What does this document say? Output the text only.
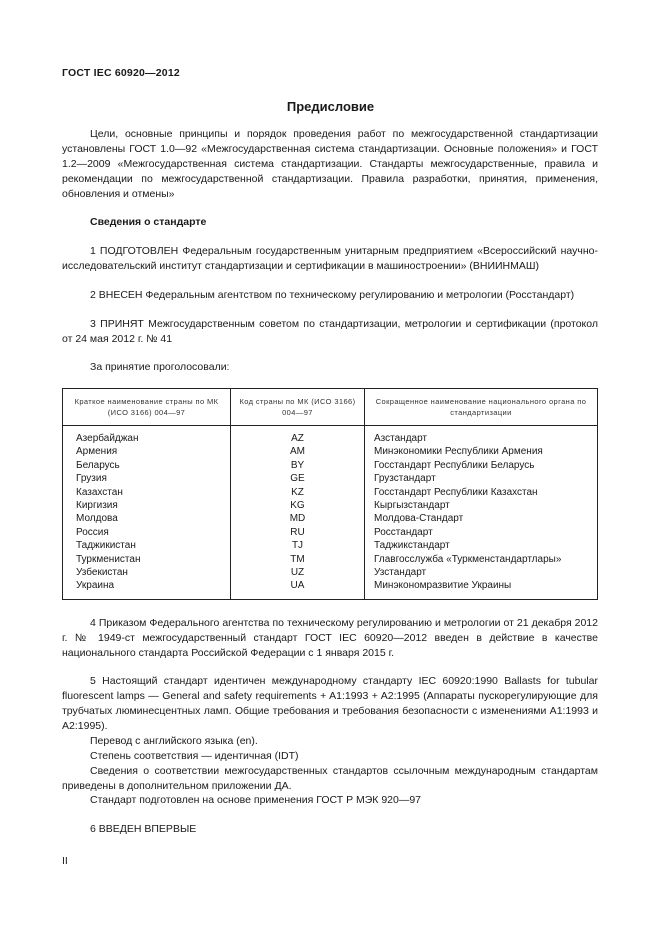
ГОСТ IEC 60920—2012
Предисловие

Цели, основные принципы и порядок проведения работ по межгосударственной стандартизации установлены ГОСТ 1.0—92 «Межгосударственная система стандартизации. Основные положения» и ГОСТ 1.2—2009 «Межгосударственная система стандартизации. Стандарты межгосударственные, правила и рекомендации по межгосударственной стандартизации. Правила разработки, принятия, применения, обновления и отмены»

Сведения о стандарте

1 ПОДГОТОВЛЕН Федеральным государственным унитарным предприятием «Всероссийский научно-исследовательский институт стандартизации и сертификации в машиностроении» (ВНИИНМАШ)

2 ВНЕСЕН Федеральным агентством по техническому регулированию и метрологии (Росстандарт)

3 ПРИНЯТ Межгосударственным советом по стандартизации, метрологии и сертификации (протокол от 24 мая 2012 г. № 41

За принятие проголосовали:
Краткое наименование страны по МК (ИСО 3166) 004—97	Код страны по МК (ИСО 3166) 004—97	Сокращенное наименование национального органа по стандартизации
Азербайджан	AZ	Азстандарт
Армения	AM	Минэкономики Республики Армения
Беларусь	BY	Госстандарт Республики Беларусь
Грузия	GE	Грузстандарт
Казахстан	KZ	Госстандарт Республики Казахстан
Киргизия	KG	Кыргызстандарт
Молдова	MD	Молдова-Стандарт
Россия	RU	Росстандарт
Таджикистан	TJ	Таджикстандарт
Туркменистан	TM	Главгосслужба «Туркменстандартлары»
Узбекистан	UZ	Узстандарт
Украина	UA	Минэкономразвитие Украины

4 Приказом Федерального агентства по техническому регулированию и метрологии от 21 декабря 2012 г. № 1949-ст межгосударственный стандарт ГОСТ IEC 60920—2012 введен в действие в качестве национального стандарта Российской Федерации с 1 января 2015 г.

5 Настоящий стандарт идентичен международному стандарту IEC 60920:1990 Ballasts for tubular fluorescent lamps — General and safety requirements + A1:1993 + A2:1995 (Аппараты пускорегулирующие для трубчатых люминесцентных ламп. Общие требования и требования безопасности с изменениями A1:1993 и A2:1995).

Перевод с английского языка (en).
Степень соответствия — идентичная (IDT)

Сведения о соответствии межгосударственных стандартов ссылочным международным стандартам приведены в дополнительном приложении ДА.

Стандарт подготовлен на основе применения ГОСТ Р МЭК 920—97
6 ВВЕДЕН ВПЕРВЫЕ
II
